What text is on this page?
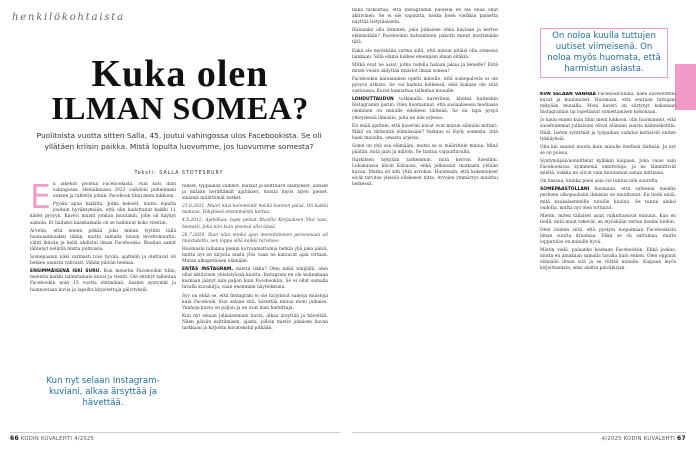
henkilökohtaista
Kuka olen
ILMAN SOMEA?
Puolitoista vuotta sitten Salla, 45, joutui vahingossa ulos Facebookista. Se oli yllätäen kriisin paikka. Mistä lopulta luovumme, jos luovumme somesta?
Teksti: SALLA STOTESBURY

En alkenut poistua Facebookista. Niin kävi ihan vahingossa. Heinäkuussa 2023 vaihdoin puhelimeni uuteen ja tabletin jotain. Facebook tilini meni lukkoon.

Pyysin apua kaikilta. Jotka kekseit, mutta lopulta jouduin hyväksymään, että olin kadottanut kaikki 11 kädet pysyyn. Kaveri muisti jonkun muutakin, jolle oli käynyt samoin. Et haitaksi kaaskamalla oli se hallinnut koko viestiin.

Arvelin, että ennen pitkää joku minun tyylitin tällä haunuaimuuden tähän, mutta samalla tunsin levottomuutta: vältti ikävän ja kellä ahdistui ilman Facebookia. Ruudun aamit lähtenyt nellyllä mutta puhtoisia.

Somepaanin näki varmasti toisi hyvää, ajattelin ja otettavat oli hetken onnistu vahvasti. Vähän päivän teemaa.

ENSIMMÄISENÄ ISKI SURU. Kun menetin Facebookin tilini, menetin kaikki tallentamani kuvat ja viestit. Ole ehtinyt tallentaa Facebookin noin 15 vuotta ehtimänni. Aasten syntymät ja luonnostaan kuvia ja lapsilta kirjoitettuja päivityksiä.

Kun nyt selaan Instagram-kuviani, alkaa ärsyttää ja hävettää.

tukset, typpaikan vaihdot, matkat ja kulttuurit elämykset, uutiset ja mitään herättämät ajatukset, muuta myös arjen pienet, sinänsä mitättömät hetket.

23.8.2011. Maori kävi kommentit meillä kunnon päivä. Oli kaikki mukana. Yökylässä ensimmäistä kertaa.

4.5.2012. Ajatelkaa: lapsi pelaat Iltasilla Korjauksen Yksi taas, hienosti. Joka niin kuin yleensä olisi tässä.

28.7.2020. Ihan näin minkä ajan menettämisen persoonaan oli muistutettu, sen loppu sillä kaikki tarvitsee.

Huomasin tallanna pienin korvaamattomia hetkiä yhä joka päivä, mutta nyt en kirjoita niistä ylös vaan ne katoavat ajan virtaan. Minun alkuperäisen elämään.

ENTÄS INSTAGRAM, miettä tikka? Olen mikä tekijällä, olen ollut aktiivinen yhteistyössä kautta. Instagram en ole kuitenkaan koskaan jäänyt niin paljon kuin Facebookiin. Se ei ollut samalla tavalla kuvakirja, vaan enemmän näyteikkuna.

Syy on ehkä se, että Instagram ei ole tarjonnut samoja muistoja kuin Facebook. Kun selaan sitä, hävettää minua moni julkaisu. Vanhoja kuvia on paljon ja ne ovat liian harkittuja.

Kun nyt selaan julkaisemiani kuvia, alkaa ärsyttää ja hävettää. Näen päivän esittämisen, ajasta, jolloin mietin jokaisen kuvan tarkkaan ja kirjoitin kuvatekstiä pitkään.

66 KODIN KUVALEHTI 4/2025

mikä tarkoittaa, että Instagramin puolella en ole enää ollut aktiivinen. Se ei ole vapautta, koska koen vieläkin painetta näyttää tietynlaiselta.

Haluanko olla ihminen, joka julkaisee omia kuviaan ja kertoo elämästään? Facebookin katoaminen pakotti minut miettimään tätä.

Enkä ole myöskään varma siitä, että minun pitäisi olla somessa lainkaan. Sillä elämä kulkee eteenpäin ilman sitäkin.

Mitkä ovat ne asiat, jotka todella haluan jakaa ja kenelle? Entä miten voisin säilyttää muistot ilman somea?

Facebookin katoaminen opetti minulle, että somepalvelu ei ole pysyvä arkisto. Se voi kadota hetkessä, eikä kukaan ole siitä vastuussa. Kuvat kannattaa tallentaa muualle.

LOHDUTTAUDUN tutkimalla kaveriteni, kiinteä kuitenkin Instagramin pariin. Olen huomannut, että sosiaalisessa mediassa oleminen on minulle edelleen tärkeää. Se on tapa pysyä yhteydessä ihmisiin, joita en näe arjessa.

En enää ajattele, että kaverini kuvat ovat minun elämäni mittari. Mikä on tärkeintä elämässäni? Vastaus ei löydy somesta. Sitä haen muualta, omasta arjesta.

Some on yhä osa elämääni, mutta se ei määrittele minua. Minä päätän, mitä jaan ja milloin. Se tuntuu vapauttavalta.

Harkitsen nykyään tarkemmin, mitä kerron itsestäni. Lokakuussa kävin Kiinassa, enkä julkaissut matkasta yhtään kuvaa. Matka oli silti yhtä arvokas. Huomasin, että kokemukset eivät tarvitse yleisöä ollakseen totta. Arvojen ymmärrys muuttui hetkessä.

On noloa kuulla tuttujen uutiset viimeisenä. On noloa myös huomata, että harmistun asiasta.

KUN SELAAN VANHAA Facebook-tiliäni, näen kavereitteni kuvat ja kuulumiset. Huomaan, että seuraan tuttujani nykyään muualla. Moni kaveri on siirtynyt kokonaan Instagramiin tai lopettanut somettamisen kokonaan.

Jo kaun ennen kuin tilini meni lukkoon, olin huomannut, että suosituimmat julkaisuni olivat elämäni suuria käännekohtia. Häät, lasten syntymät ja työpaikan vaihdos keräsivät eniten tykkäyksiä.

Olin kai saanut muuta kuin minulle itselleni tärkeää. Ja nyt se on poissa.

Syntymäpäiväonnittelut kylläkin kaipaan. Joka vuosi sain Facebookissa kymmeniä onnitteluja, ja ne lämmittivät mieltä, vaikka ne olivat vain muutaman sanan mittaisia.

On hassua, kuinka pieni asia voi tuntua niin suurelta.

SOMEPAASTOLLANI huomaan, että suhteeni meidän perheen ulkopuolisiin ihmisiin on muuttunut. En tiedä enää, mitä kaukaisemmille tutuille kuuluu. Se tuntui aluksi oudolta, mutta nyt olen tottunut.

Mietin, miten tällaiset asiat vaikuttaisivat minuun. Kun en tiedä, mitä muut tekevät, en myöskään vertaa itseäni heihin.

Olen iloinen siitä, että pystyin luopumaan Facebookista ilman suurta draamaa. Ehkä se oli sattumaa, mutta lopputulos on minulle hyvä.

Mietin vielä, palaanko koskaan Facebookiin. Ehkä joskus, mutta en ainakaan samalla tavalla kuin ennen. Olen oppinut elämään ilman sitä ja se riittää minulle. Kaipaan myös kirjoittamista, siksi aloitin päiväkirjan.

4/2025 KODIN KUVALEHTI 67
